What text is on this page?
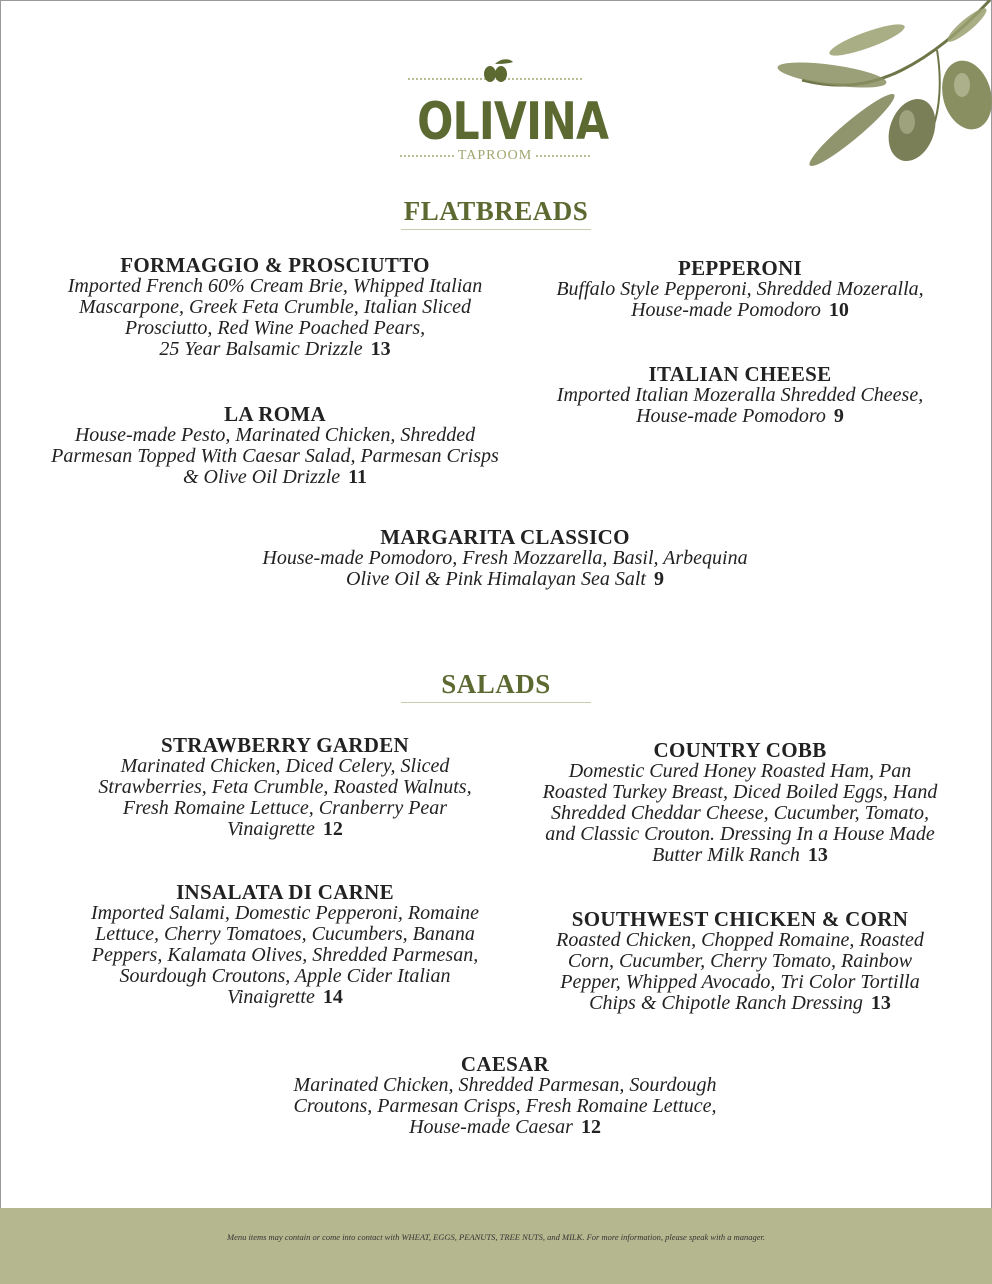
OLIVINA
TAPROOM
FLATBREADS
FORMAGGIO & PROSCIUTTO
Imported French 60% Cream Brie, Whipped Italian
Mascarpone, Greek Feta Crumble, Italian Sliced
Prosciutto, Red Wine Poached Pears,
25 Year Balsamic Drizzle 13
PEPPERONI
Buffalo Style Pepperoni, Shredded Mozeralla,
House-made Pomodoro 10
ITALIAN CHEESE
Imported Italian Mozeralla Shredded Cheese,
House-made Pomodoro 9
LA ROMA
House-made Pesto, Marinated Chicken, Shredded
Parmesan Topped With Caesar Salad, Parmesan Crisps
& Olive Oil Drizzle 11
MARGARITA CLASSICO
House-made Pomodoro, Fresh Mozzarella, Basil, Arbequina
Olive Oil & Pink Himalayan Sea Salt 9
SALADS
STRAWBERRY GARDEN
Marinated Chicken, Diced Celery, Sliced
Strawberries, Feta Crumble, Roasted Walnuts,
Fresh Romaine Lettuce, Cranberry Pear
Vinaigrette 12
COUNTRY COBB
Domestic Cured Honey Roasted Ham, Pan
Roasted Turkey Breast, Diced Boiled Eggs, Hand
Shredded Cheddar Cheese, Cucumber, Tomato,
and Classic Crouton. Dressing In a House Made
Butter Milk Ranch 13
INSALATA DI CARNE
Imported Salami, Domestic Pepperoni, Romaine
Lettuce, Cherry Tomatoes, Cucumbers, Banana
Peppers, Kalamata Olives, Shredded Parmesan,
Sourdough Croutons, Apple Cider Italian
Vinaigrette 14
SOUTHWEST CHICKEN & CORN
Roasted Chicken, Chopped Romaine, Roasted
Corn, Cucumber, Cherry Tomato, Rainbow
Pepper, Whipped Avocado, Tri Color Tortilla
Chips & Chipotle Ranch Dressing 13
CAESAR
Marinated Chicken, Shredded Parmesan, Sourdough
Croutons, Parmesan Crisps, Fresh Romaine Lettuce,
House-made Caesar 12
Menu items may contain or come into contact with WHEAT, EGGS, PEANUTS, TREE NUTS, and MILK. For more information, please speak with a manager.
